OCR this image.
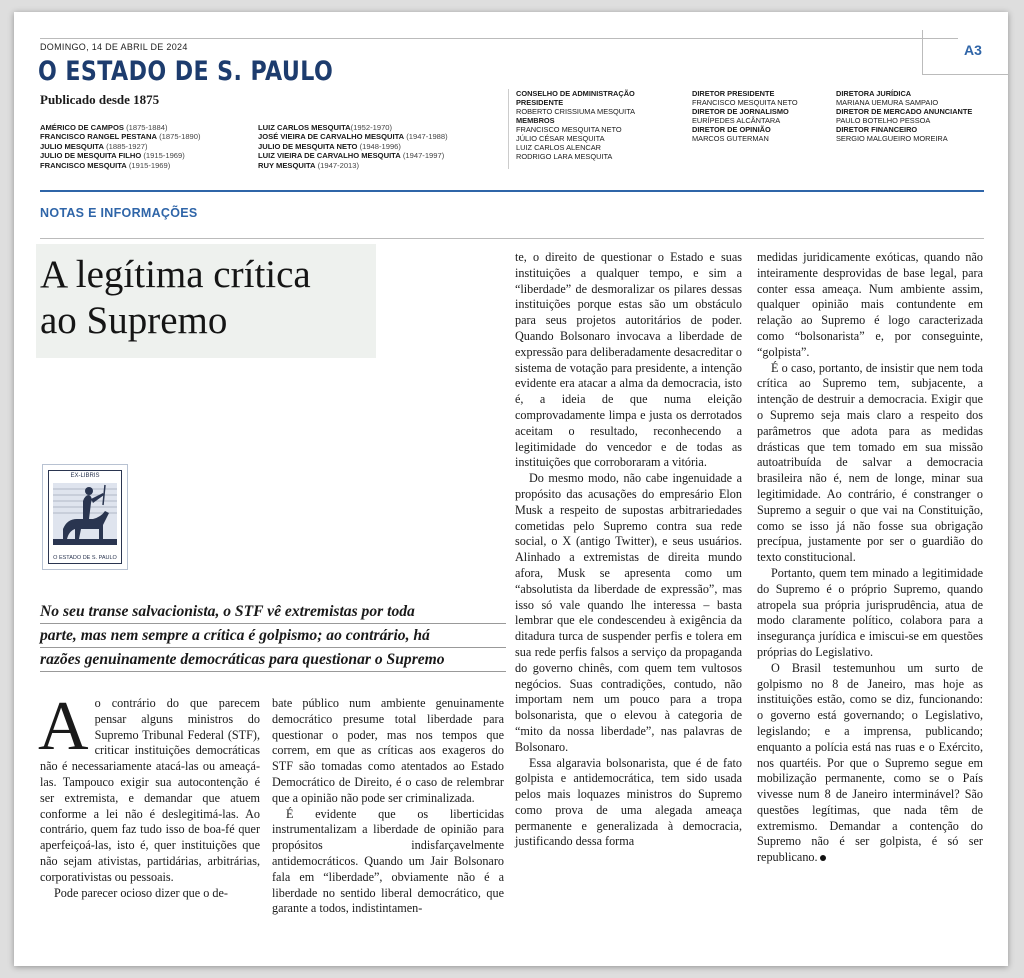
DOMINGO, 14 DE ABRIL DE 2024	A3
O ESTADO DE S. PAULO
Publicado desde 1875
AMÉRICO DE CAMPOS (1875-1884)
FRANCISCO RANGEL PESTANA (1875-1890)
JULIO MESQUITA (1885-1927)
JULIO DE MESQUITA FILHO (1915-1969)
FRANCISCO MESQUITA (1915-1969)
LUIZ CARLOS MESQUITA(1952-1970)
JOSÉ VIEIRA DE CARVALHO MESQUITA (1947-1988)
JULIO DE MESQUITA NETO (1948-1996)
LUIZ VIEIRA DE CARVALHO MESQUITA (1947-1997)
RUY MESQUITA (1947-2013)
CONSELHO DE ADMINISTRAÇÃO
PRESIDENTE
ROBERTO CRISSIUMA MESQUITA
MEMBROS
FRANCISCO MESQUITA NETO
JÚLIO CÉSAR MESQUITA
LUIZ CARLOS ALENCAR
RODRIGO LARA MESQUITA
DIRETOR PRESIDENTE
FRANCISCO MESQUITA NETO
DIRETOR DE JORNALISMO
EURÍPEDES ALCÂNTARA
DIRETOR DE OPINIÃO
MARCOS GUTERMAN
DIRETORA JURÍDICA
MARIANA UEMURA SAMPAIO
DIRETOR DE MERCADO ANUNCIANTE
PAULO BOTELHO PESSOA
DIRETOR FINANCEIRO
SERGIO MALGUEIRO MOREIRA
NOTAS E INFORMAÇÕES
A legítima crítica
ao Supremo
EX-LIBRIS
O ESTADO DE S. PAULO
No seu transe salvacionista, o STF vê extremistas por toda
parte, mas nem sempre a crítica é golpismo; ao contrário, há
razões genuinamente democráticas para questionar o Supremo

Ao contrário do que parecem pensar alguns ministros do Supremo Tribunal Federal (STF), criticar instituições democráticas não é necessariamente atacá-las ou ameaçá-las. Tampouco exigir sua autocontenção é ser extremista, e demandar que atuem conforme a lei não é deslegitimá-las. Ao contrário, quem faz tudo isso de boa-fé quer aperfeiçoá-las, isto é, quer instituições que não sejam ativistas, partidárias, arbitrárias, corporativistas ou pessoais.

Pode parecer ocioso dizer que o de-

bate público num ambiente genuinamente democrático presume total liberdade para questionar o poder, mas nos tempos que correm, em que as críticas aos exageros do STF são tomadas como atentados ao Estado Democrático de Direito, é o caso de relembrar que a opinião não pode ser criminalizada.

É evidente que os liberticidas instrumentalizam a liberdade de opinião para propósitos indisfarçavelmente antidemocráticos. Quando um Jair Bolsonaro fala em “liberdade”, obviamente não é a liberdade no sentido liberal democrático, que garante a todos, indistintamen-

te, o direito de questionar o Estado e suas instituições a qualquer tempo, e sim a “liberdade” de desmoralizar os pilares dessas instituições porque estas são um obstáculo para seus projetos autoritários de poder. Quando Bolsonaro invocava a liberdade de expressão para deliberadamente desacreditar o sistema de votação para presidente, a intenção evidente era atacar a alma da democracia, isto é, a ideia de que numa eleição comprovadamente limpa e justa os derrotados aceitam o resultado, reconhecendo a legitimidade do vencedor e de todas as instituições que corroboraram a vitória.

Do mesmo modo, não cabe ingenuidade a propósito das acusações do empresário Elon Musk a respeito de supostas arbitrariedades cometidas pelo Supremo contra sua rede social, o X (antigo Twitter), e seus usuários. Alinhado a extremistas de direita mundo afora, Musk se apresenta como um “absolutista da liberdade de expressão”, mas isso só vale quando lhe interessa – basta lembrar que ele condescendeu à exigência da ditadura turca de suspender perfis e tolera em sua rede perfis falsos a serviço da propaganda do governo chinês, com quem tem vultosos negócios. Suas contradições, contudo, não importam nem um pouco para a tropa bolsonarista, que o elevou à categoria de “mito da nossa liberdade”, nas palavras de Bolsonaro.

Essa algaravia bolsonarista, que é de fato golpista e antidemocrática, tem sido usada pelos mais loquazes ministros do Supremo como prova de uma alegada ameaça permanente e generalizada à democracia, justificando dessa forma

medidas juridicamente exóticas, quando não inteiramente desprovidas de base legal, para conter essa ameaça. Num ambiente assim, qualquer opinião mais contundente em relação ao Supremo é logo caracterizada como “bolsonarista” e, por conseguinte, “golpista”.

É o caso, portanto, de insistir que nem toda crítica ao Supremo tem, subjacente, a intenção de destruir a democracia. Exigir que o Supremo seja mais claro a respeito dos parâmetros que adota para as medidas drásticas que tem tomado em sua missão autoatribuída de salvar a democracia brasileira não é, nem de longe, minar sua legitimidade. Ao contrário, é constranger o Supremo a seguir o que vai na Constituição, como se isso já não fosse sua obrigação precípua, justamente por ser o guardião do texto constitucional.

Portanto, quem tem minado a legitimidade do Supremo é o próprio Supremo, quando atropela sua própria jurisprudência, atua de modo claramente político, colabora para a insegurança jurídica e imiscui-se em questões próprias do Legislativo.

O Brasil testemunhou um surto de golpismo no 8 de Janeiro, mas hoje as instituições estão, como se diz, funcionando: o governo está governando; o Legislativo, legislando; e a imprensa, publicando; enquanto a polícia está nas ruas e o Exército, nos quartéis. Por que o Supremo segue em mobilização permanente, como se o País vivesse num 8 de Janeiro interminável? São questões legítimas, que nada têm de extremismo. Demandar a contenção do Supremo não é ser golpista, é só ser republicano.
